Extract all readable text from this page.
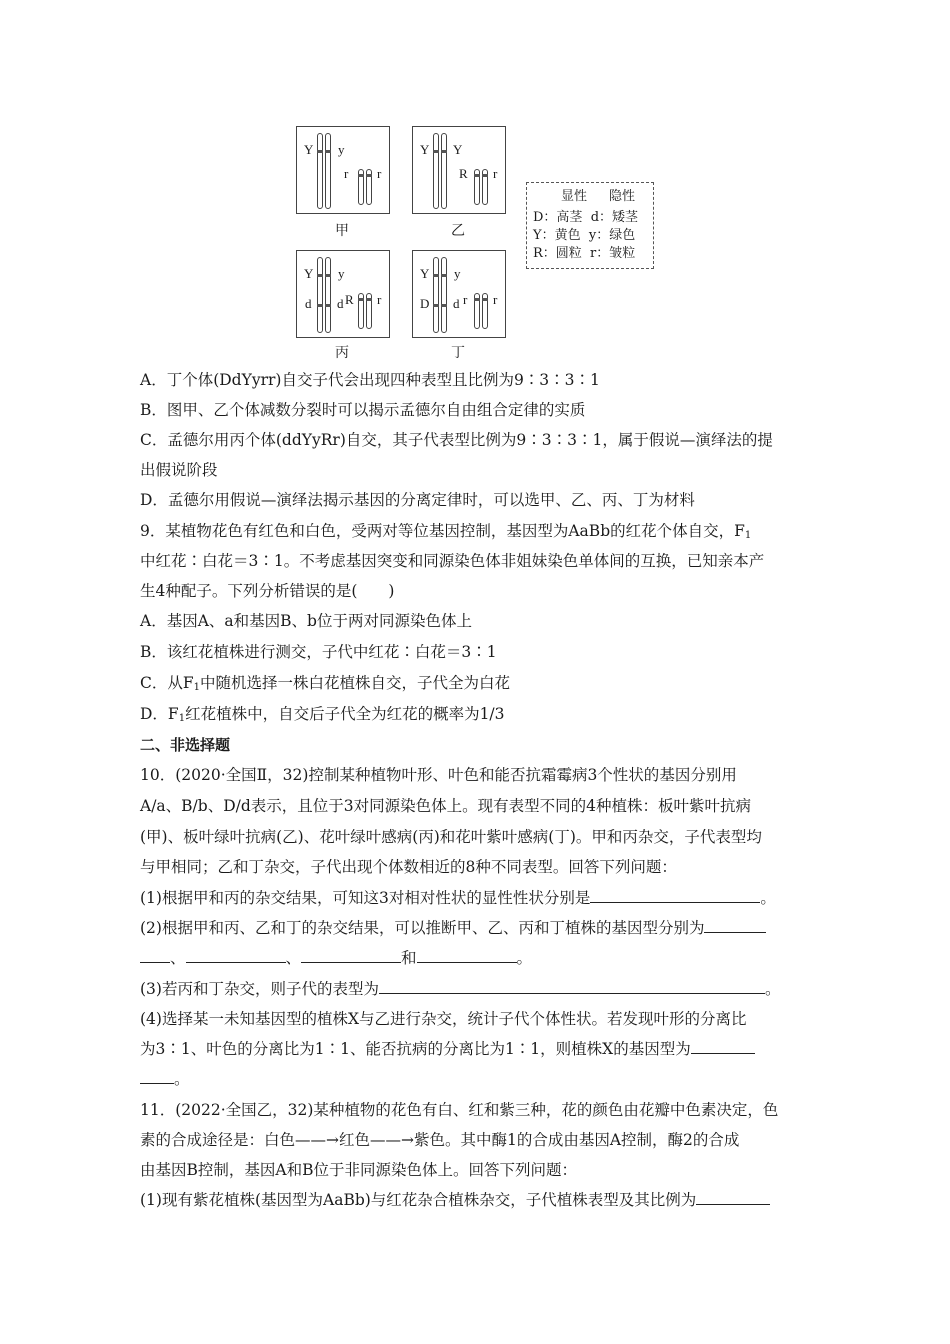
Y y
r r
甲
Y Y
R r
乙
Y y
d d R r
丙
Y y
D d r r
丁
显性 隐性
D：高茎  d：矮茎
Y：黄色  y：绿色
R：圆粒  r：皱粒
A．丁个体(DdYyrr)自交子代会出现四种表型且比例为9∶3∶3∶1
B．图甲、乙个体减数分裂时可以揭示孟德尔自由组合定律的实质
C．孟德尔用丙个体(ddYyRr)自交，其子代表型比例为9∶3∶3∶1，属于假说—演绎法的提
出假说阶段
D．孟德尔用假说—演绎法揭示基因的分离定律时，可以选甲、乙、丙、丁为材料
9．某植物花色有红色和白色，受两对等位基因控制，基因型为AaBb的红花个体自交，$F_1$
中红花∶白花＝3∶1。不考虑基因突变和同源染色体非姐妹染色单体间的互换，已知亲本产
生4种配子。下列分析错误的是(　　)
A．基因A、a和基因B、b位于两对同源染色体上
B．该红花植株进行测交，子代中红花∶白花＝3∶1
C．从$F_1$中随机选择一株白花植株自交，子代全为白花
D．$F_1$红花植株中，自交后子代全为红花的概率为1/3
二、非选择题
10．(2020·全国Ⅱ，32)控制某种植物叶形、叶色和能否抗霜霉病3个性状的基因分别用
A/a、B/b、D/d表示，且位于3对同源染色体上。现有表型不同的4种植株：板叶紫叶抗病
(甲)、板叶绿叶抗病(乙)、花叶绿叶感病(丙)和花叶紫叶感病(丁)。甲和丙杂交，子代表型均
与甲相同；乙和丁杂交，子代出现个体数相近的8种不同表型。回答下列问题：
(1)根据甲和丙的杂交结果，可知这3对相对性状的显性性状分别是	。
(2)根据甲和丙、乙和丁的杂交结果，可以推断甲、乙、丙和丁植株的基因型分别为
、	、	和	。
(3)若丙和丁杂交，则子代的表型为	。
(4)选择某一未知基因型的植株X与乙进行杂交，统计子代个体性状。若发现叶形的分离比
为3∶1、叶色的分离比为1∶1、能否抗病的分离比为1∶1，则植株X的基因型为
。
11．(2022·全国乙，32)某种植物的花色有白、红和紫三种，花的颜色由花瓣中色素决定，色
素的合成途径是：白色——→红色——→紫色。其中酶1的合成由基因A控制，酶2的合成
由基因B控制，基因A和B位于非同源染色体上。回答下列问题：
(1)现有紫花植株(基因型为AaBb)与红花杂合植株杂交，子代植株表型及其比例为
